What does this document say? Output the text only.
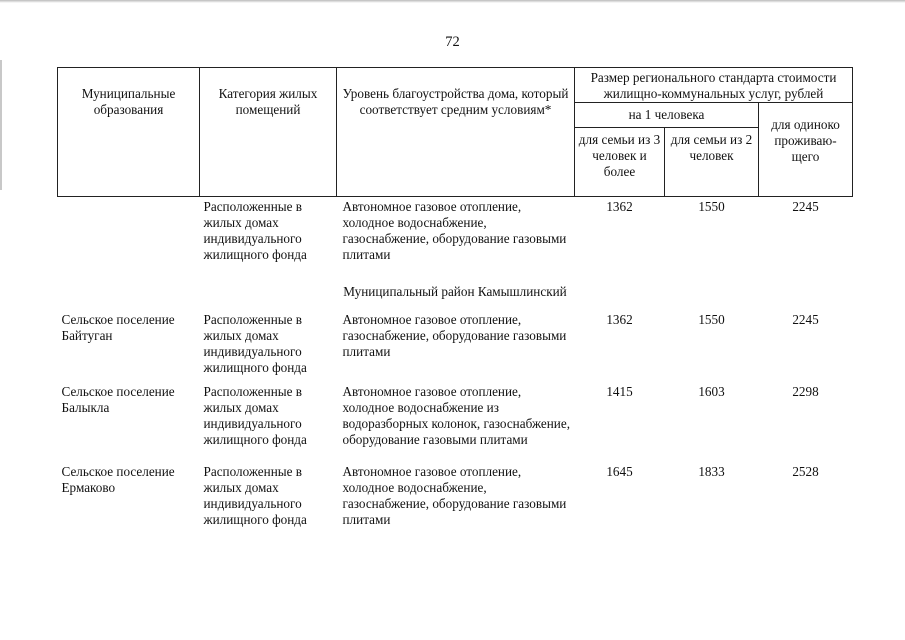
72
Муниципальные образования	Категория жилых помещений	Уровень благоустройства дома, который соответствует средним условиям*	Размер регионального стандарта стоимости жилищно-коммунальных услуг, рублей		
			на 1 человека		для одиноко проживаю-щего
			для семьи из 3 человек и более	для семьи из 2 человек	
	Расположенные в жилых домах индивидуального жилищного фонда	Автономное газовое отопление, холодное водоснабжение, газоснабжение, оборудование газовыми плитами	1362	1550	2245
Муниципальный район Камышлинский					
Сельское поселение Байтуган	Расположенные в жилых домах индивидуального жилищного фонда	Автономное газовое отопление, газоснабжение, оборудование газовыми плитами	1362	1550	2245
Сельское поселение Балыкла	Расположенные в жилых домах индивидуального жилищного фонда	Автономное газовое отопление, холодное водоснабжение из водоразборных колонок, газоснабжение, оборудование газовыми плитами	1415	1603	2298
Сельское поселение Ермаково	Расположенные в жилых домах индивидуального жилищного фонда	Автономное газовое отопление, холодное водоснабжение, газоснабжение, оборудование газовыми плитами	1645	1833	2528
